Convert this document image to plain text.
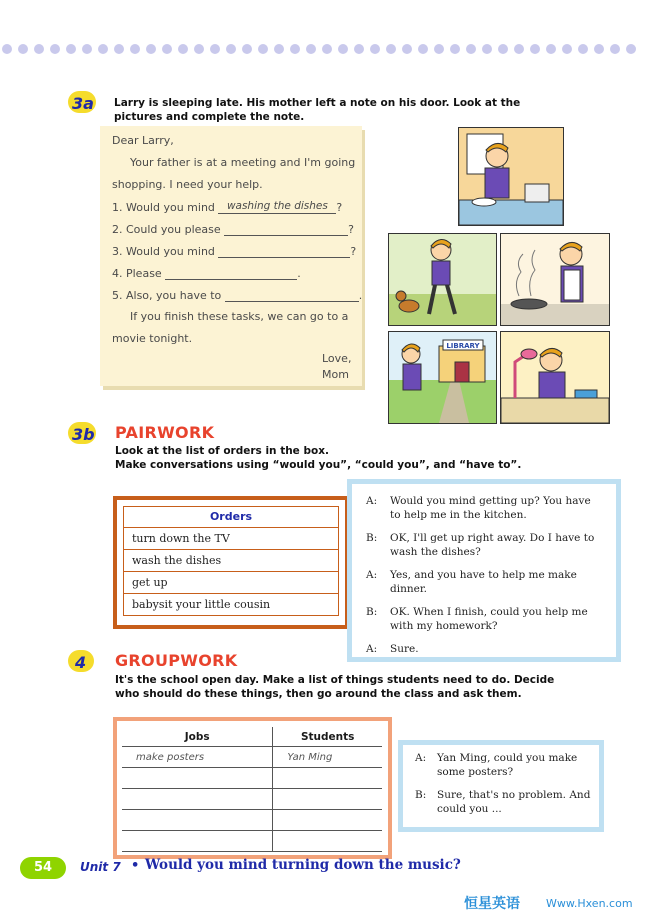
3a Larry is sleeping late. His mother left a note on his door. Look at the
pictures and complete the note.
Dear Larry,
Your father is at a meeting and I'm going
shopping. I need your help.
1. Would you mind washing the dishes ?
2. Could you please	?
3. Would you mind	?
4. Please	.
5. Also, you have to	.
If you finish these tasks, we can go to a
movie tonight.
Love,
Mom
LIBRARY
3b PAIRWORK
Look at the list of orders in the box.
Make conversations using “would you”, “could you”, and “have to”.
Orders
turn down the TV
wash the dishes
get up
babysit your little cousin
A: Would you mind getting up? You have
to help me in the kitchen.
B: OK, I'll get up right away. Do I have to
wash the dishes?
A: Yes, and you have to help me make
dinner.
B: OK. When I finish, could you help me
with my homework?
A: Sure.
4 GROUPWORK
It's the school open day. Make a list of things students need to do. Decide
who should do these things, then go around the class and ask them.
Jobs	Students
make posters	Yan Ming

		A: Yan Ming, could you make
some posters?
B: Sure, that's no problem. And
could you ...
54	Unit 7 • Would you mind turning down the music?
恒星英语 Www.Hxen.com
